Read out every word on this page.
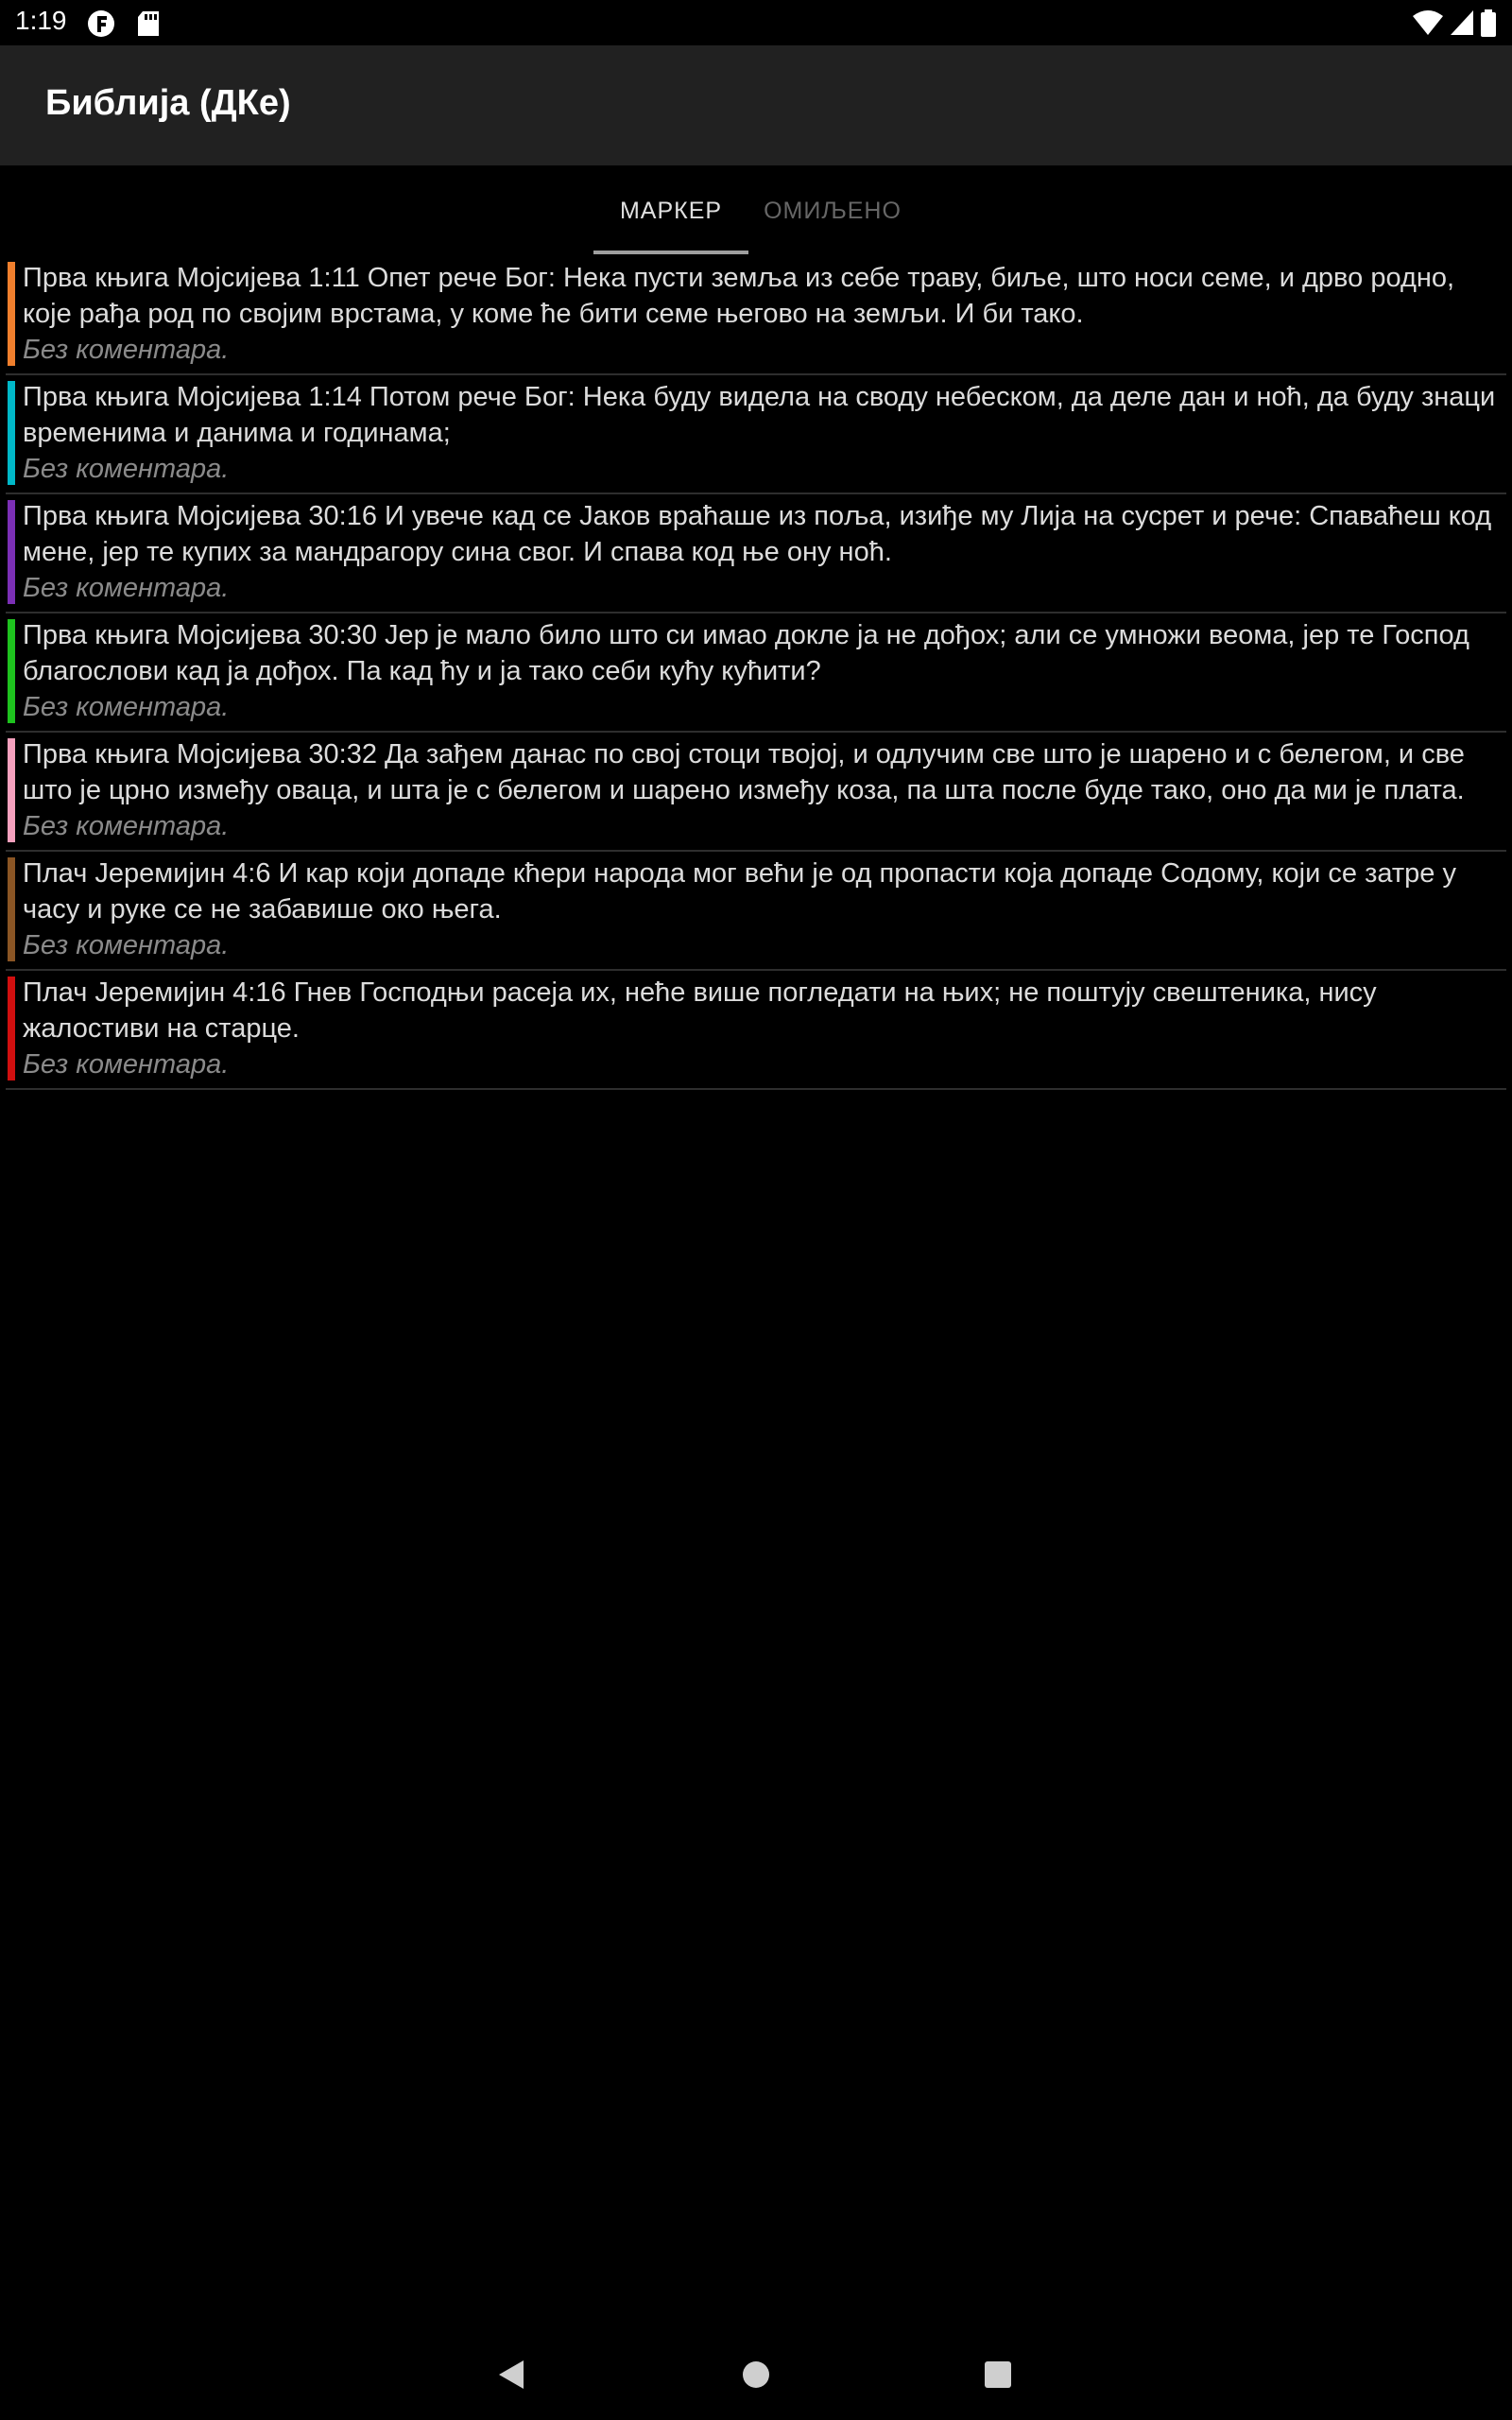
1:19
Библија (ДКе)
МАРКЕР	ОМИЉЕНО
Прва књига Мојсијева 1:11 Опет рече Бог: Нека пусти земља из себе траву, биље, што носи семе, и дрво родно, које рађа род по својим врстама, у коме ће бити семе његово на земљи. И би тако.
Без коментара.
Прва књига Мојсијева 1:14 Потом рече Бог: Нека буду видела на своду небеском, да деле дан и ноћ, да буду знаци временима и данима и годинама;
Без коментара.
Прва књига Мојсијева 30:16 И увече кад се Јаков враћаше из поља, изиђе му Лија на сусрет и рече: Спаваћеш код мене, јер те купих за мандрагору сина свог. И спава код ње ону ноћ.
Без коментара.
Прва књига Мојсијева 30:30 Јер је мало било што си имао докле ја не дођох; али се умножи веома, јер те Господ благослови кад ја дођох. Па кад ћу и ја тако себи кућу кућити?
Без коментара.
Прва књига Мојсијева 30:32 Да зађем данас по свој стоци твојој, и одлучим све што је шарено и с белегом, и све што је црно између оваца, и шта је с белегом и шарено између коза, па шта после буде тако, оно да ми је плата.
Без коментара.
Плач Јеремијин 4:6 И кар који допаде кћери народа мог већи је од пропасти која допаде Содому, који се затре у часу и руке се не забавише око њега.
Без коментара.
Плач Јеремијин 4:16 Гнев Господњи расеја их, неће више погледати на њих; не поштују свештеника, нису жалостиви на старце.
Без коментара.
